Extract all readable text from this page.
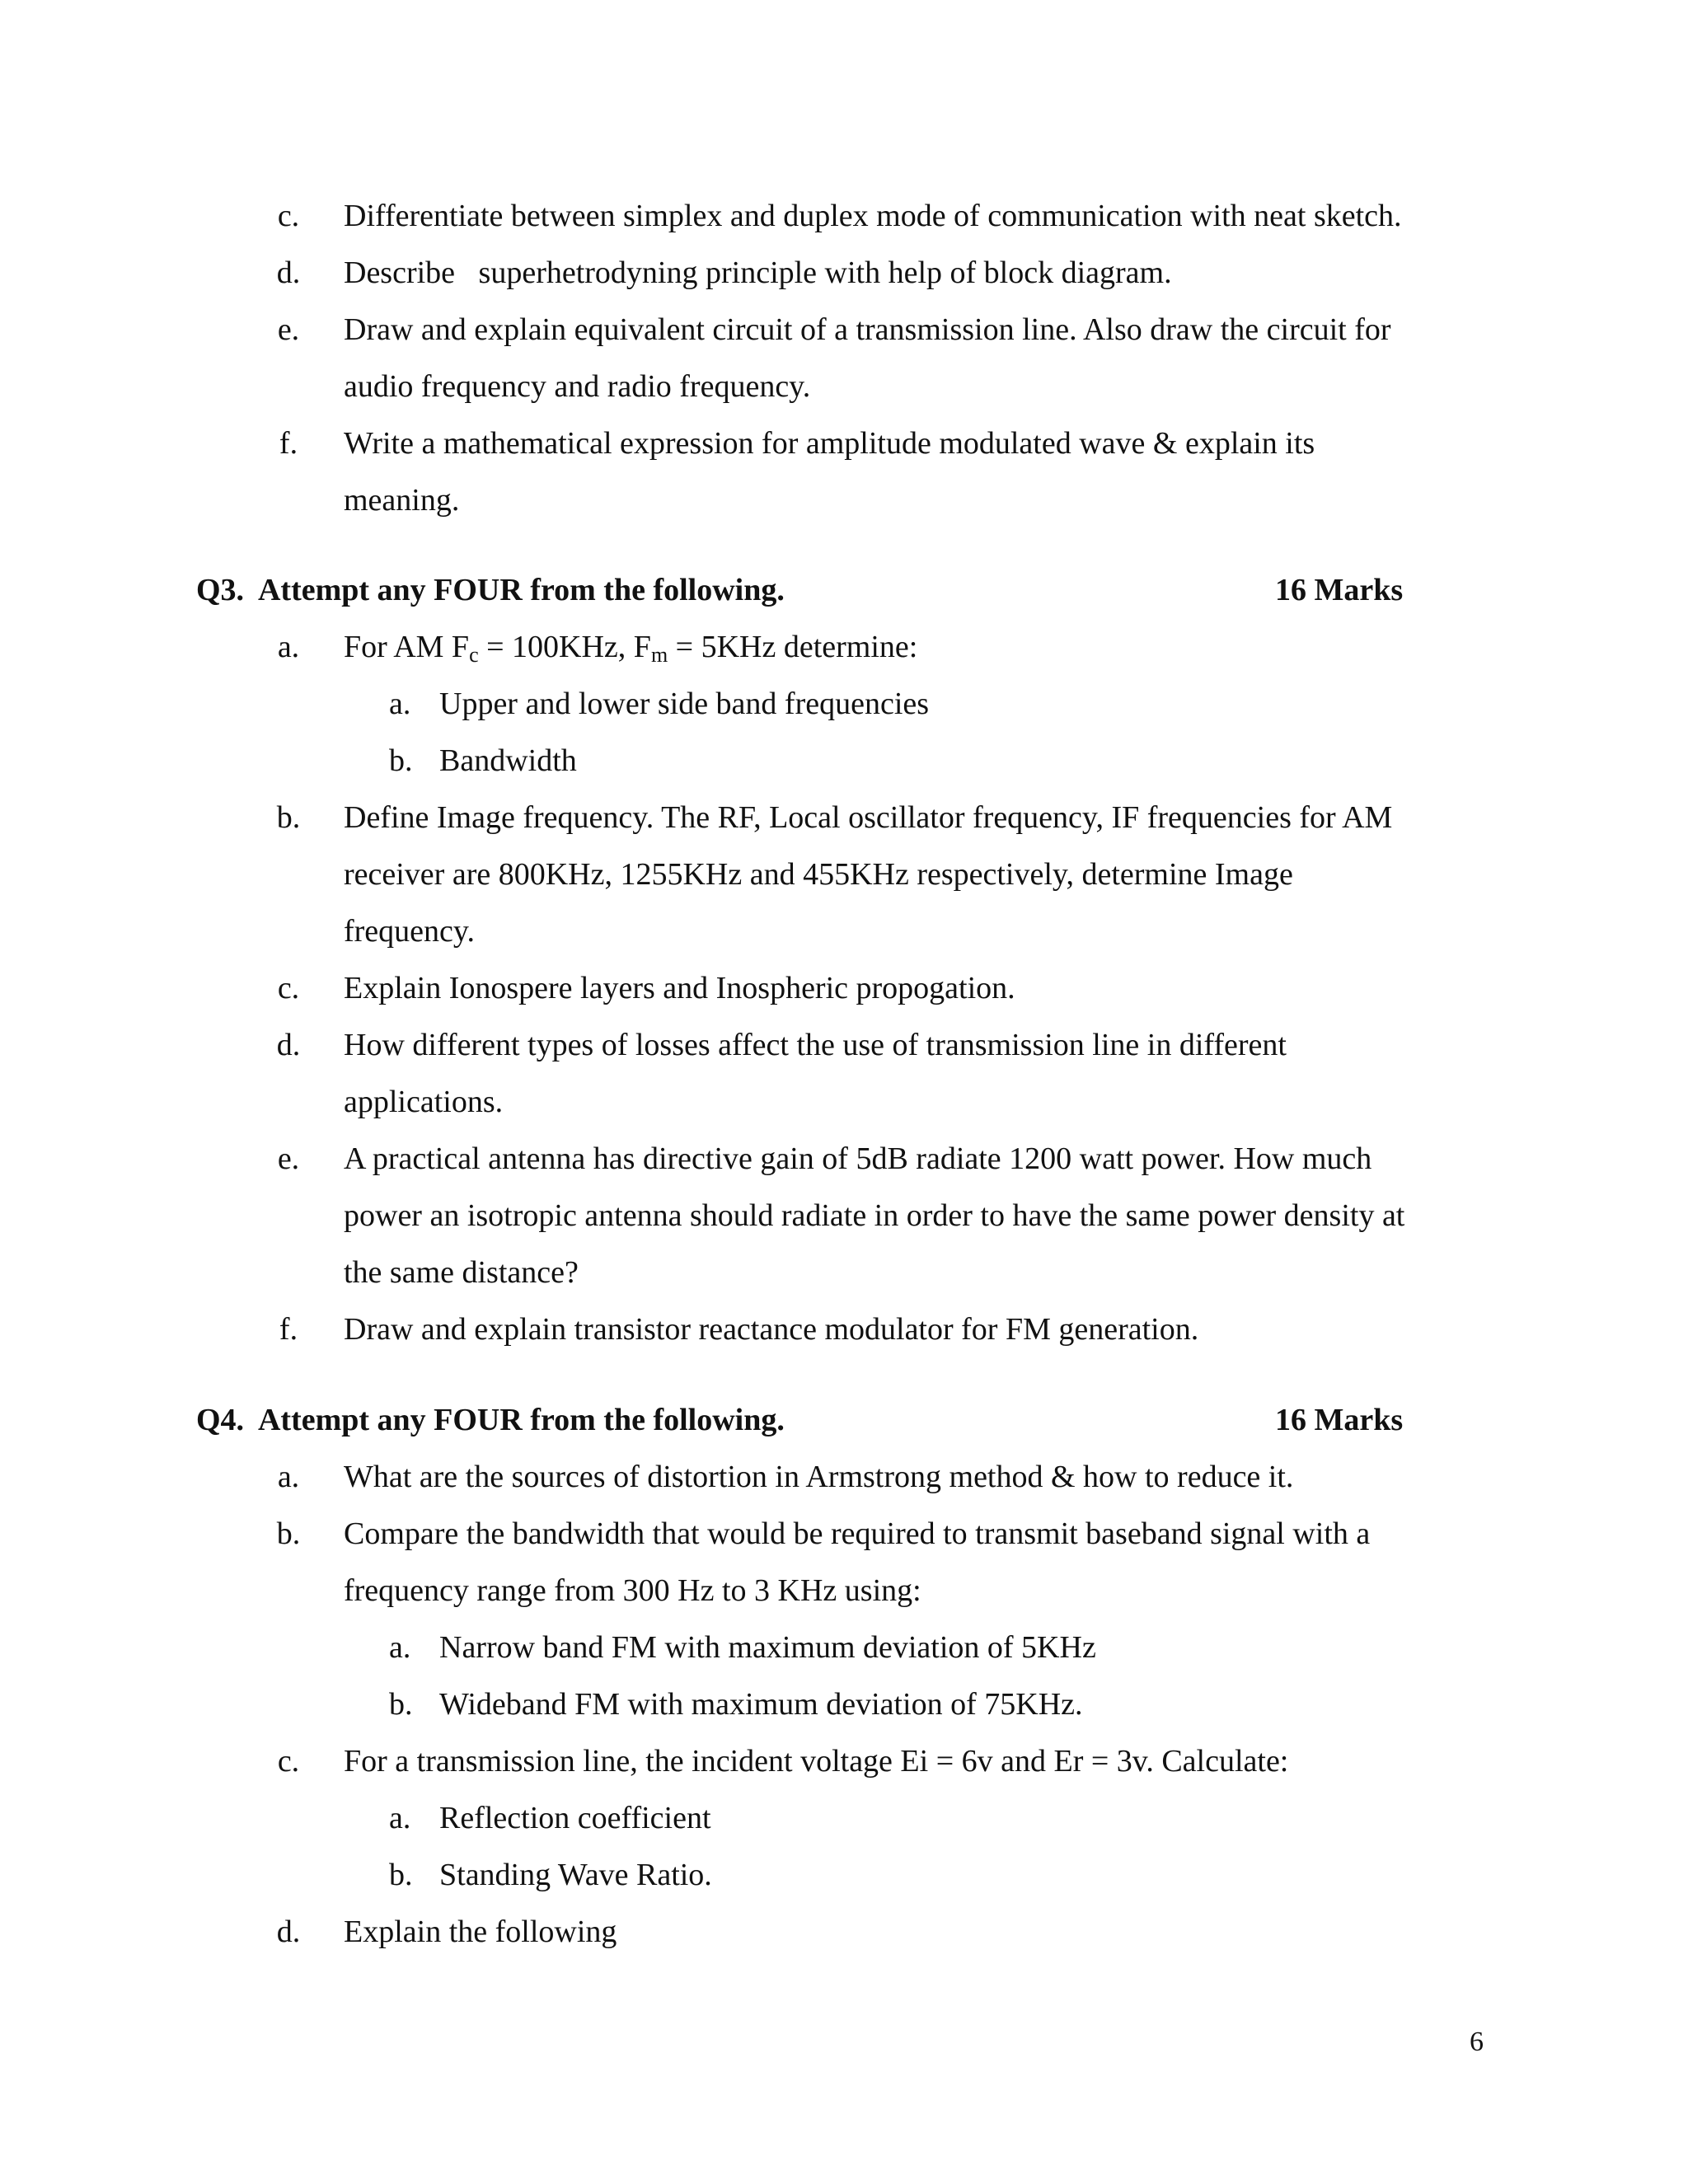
c.	Differentiate between simplex and duplex mode of communication with neat sketch.
d.	Describe   superhetrodyning principle with help of block diagram.
e.	Draw and explain equivalent circuit of a transmission line. Also draw the circuit for
audio frequency and radio frequency.
f.	Write a mathematical expression for amplitude modulated wave & explain its
meaning.
Q3. Attempt any FOUR from the following.	16 Marks
a.	For AM Fc = 100KHz, Fm = 5KHz determine:
a. Upper and lower side band frequencies
b. Bandwidth
b.	Define Image frequency. The RF, Local oscillator frequency, IF frequencies for AM
receiver are 800KHz, 1255KHz and 455KHz respectively, determine Image
frequency.
c.	Explain Ionospere layers and Inospheric propogation.
d.	How different types of losses affect the use of transmission line in different
applications.
e.	A practical antenna has directive gain of 5dB radiate 1200 watt power. How much
power an isotropic antenna should radiate in order to have the same power density at
the same distance?
f.	Draw and explain transistor reactance modulator for FM generation.
Q4. Attempt any FOUR from the following.	16 Marks
a.	What are the sources of distortion in Armstrong method & how to reduce it.
b.	Compare the bandwidth that would be required to transmit baseband signal with a
frequency range from 300 Hz to 3 KHz using:
a. Narrow band FM with maximum deviation of 5KHz
b. Wideband FM with maximum deviation of 75KHz.
c.	For a transmission line, the incident voltage Ei = 6v and Er = 3v. Calculate:
a. Reflection coefficient
b. Standing Wave Ratio.
d.	Explain the following
6
